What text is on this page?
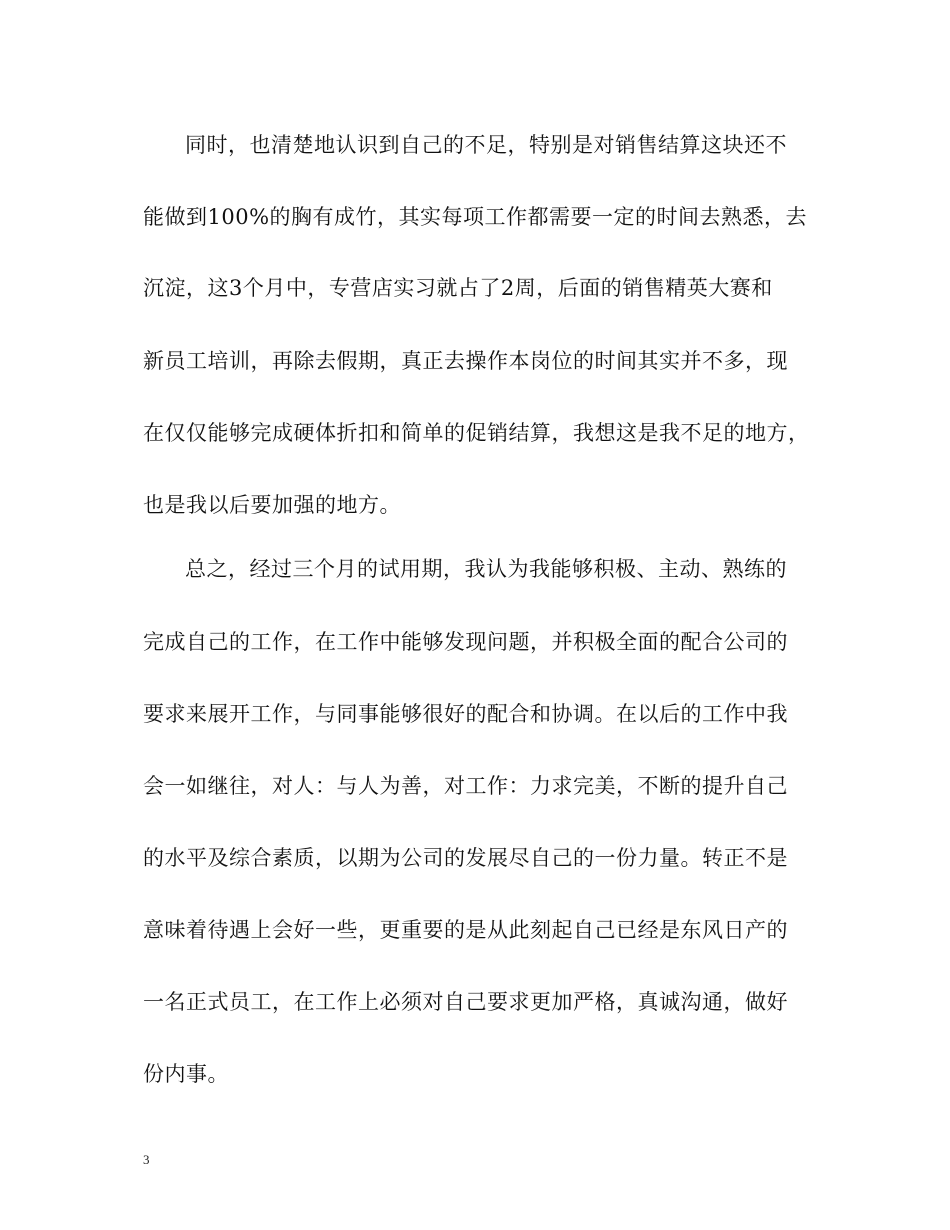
同时，也清楚地认识到自己的不足，特别是对销售结算这块还不
能做到100%的胸有成竹，其实每项工作都需要一定的时间去熟悉，去
沉淀，这3个月中，专营店实习就占了2周，后面的销售精英大赛和
新员工培训，再除去假期，真正去操作本岗位的时间其实并不多，现
在仅仅能够完成硬体折扣和简单的促销结算，我想这是我不足的地方，
也是我以后要加强的地方。
总之，经过三个月的试用期，我认为我能够积极、主动、熟练的
完成自己的工作，在工作中能够发现问题，并积极全面的配合公司的
要求来展开工作，与同事能够很好的配合和协调。在以后的工作中我
会一如继往，对人：与人为善，对工作：力求完美，不断的提升自己
的水平及综合素质，以期为公司的发展尽自己的一份力量。转正不是
意味着待遇上会好一些，更重要的是从此刻起自己已经是东风日产的
一名正式员工，在工作上必须对自己要求更加严格，真诚沟通，做好
份内事。
3
